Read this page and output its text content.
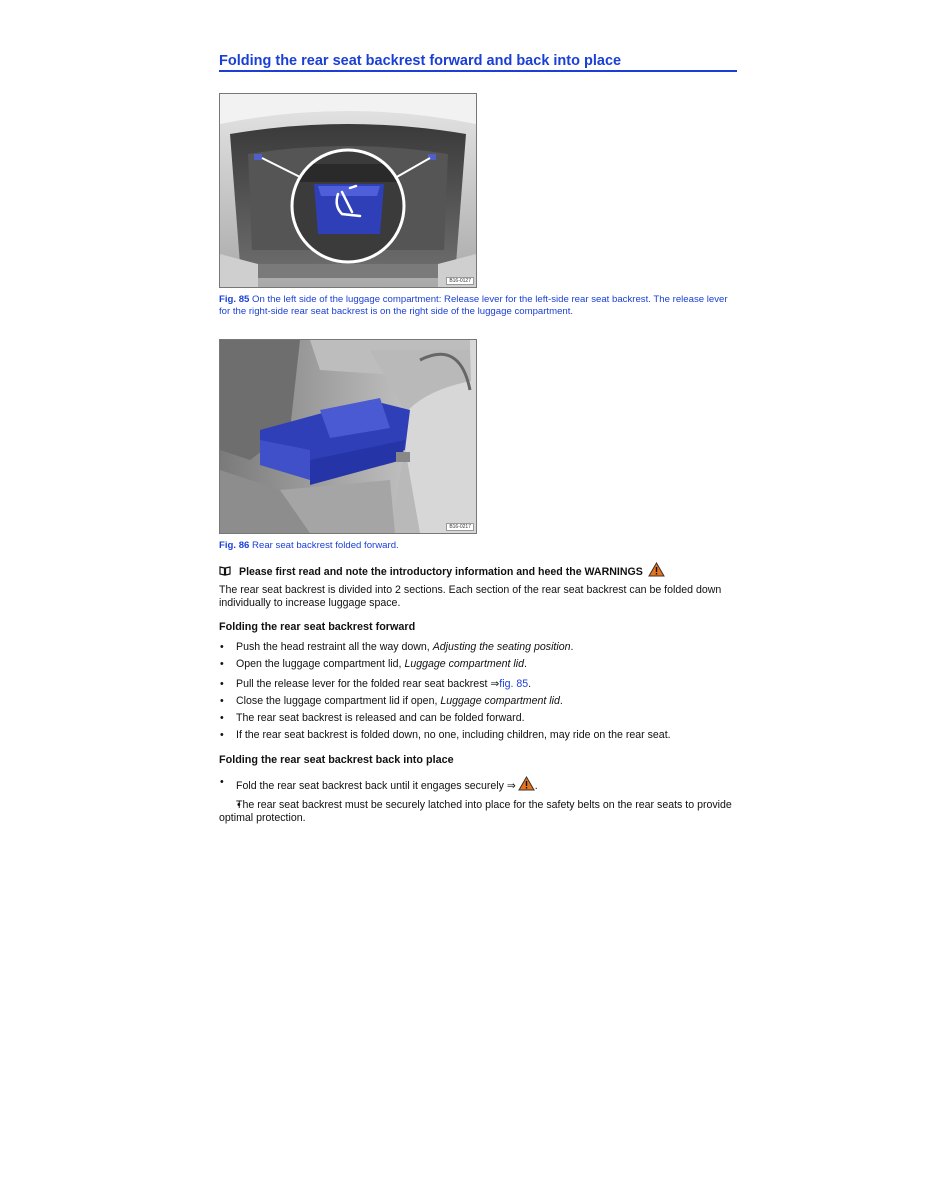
Folding the rear seat backrest forward and back into place
B16-0127

Fig. 85 On the left side of the luggage compartment: Release lever for the left-side rear seat backrest. The release lever for the right-side rear seat backrest is on the right side of the luggage compartment.

B16-0217

Fig. 86 Rear seat backrest folded forward.

Please first read and note the introductory information and heed the WARNINGS

The rear seat backrest is divided into 2 sections. Each section of the rear seat backrest can be folded down individually to increase luggage space.

Folding the rear seat backrest forward
• Push the head restraint all the way down, Adjusting the seating position.
• Open the luggage compartment lid, Luggage compartment lid.
• Pull the release lever for the folded rear seat backrest ⇒fig. 85.
• Close the luggage compartment lid if open, Luggage compartment lid.
• The rear seat backrest is released and can be folded forward.
• If the rear seat backrest is folded down, no one, including children, may ride on the rear seat.
Folding the rear seat backrest back into place
• Fold the rear seat backrest back until it engages securely ⇒ .
• The rear seat backrest must be securely latched into place for the safety belts on the rear seats to provide optimal protection.
